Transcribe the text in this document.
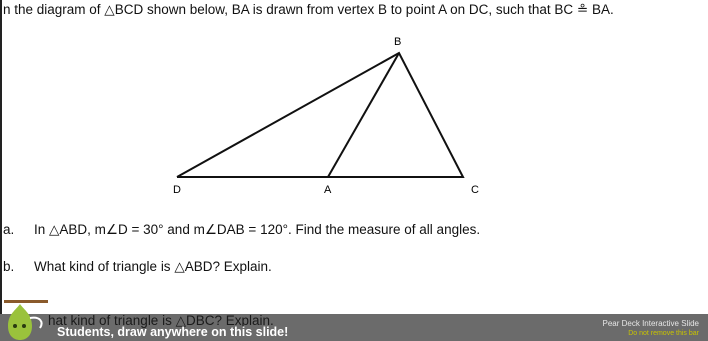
n the diagram of △BCD shown below, BA is drawn from vertex B to point A on DC, such that BC ≗ BA.
B
D	A	C
a. In △ABD, m∠D = 30° and m∠DAB = 120°. Find the measure of all angles.
b. What kind of triangle is △ABD? Explain.
hat kind of triangle is △DBC? Explain.
Students, draw anywhere on this slide!
Pear Deck Interactive Slide
Do not remove this bar
